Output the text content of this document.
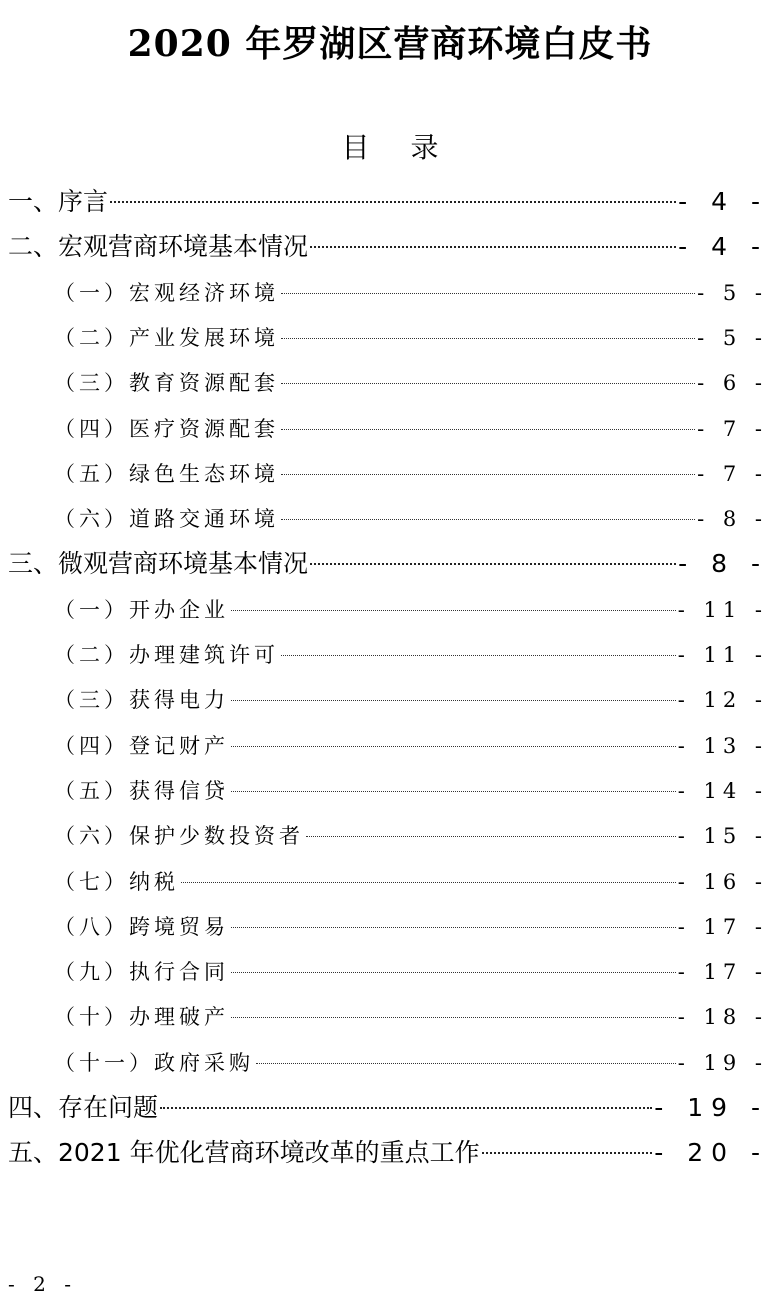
2020 年罗湖区营商环境白皮书
目 录
一、序言	- 4 -
二、宏观营商环境基本情况	- 4 -
（一）宏观经济环境	- 5 -
（二）产业发展环境	- 5 -
（三）教育资源配套	- 6 -
（四）医疗资源配套	- 7 -
（五）绿色生态环境	- 7 -
（六）道路交通环境	- 8 -
三、微观营商环境基本情况	- 8 -
（一）开办企业	- 11 -
（二）办理建筑许可	- 11 -
（三）获得电力	- 12 -
（四）登记财产	- 13 -
（五）获得信贷	- 14 -
（六）保护少数投资者	- 15 -
（七）纳税	- 16 -
（八）跨境贸易	- 17 -
（九）执行合同	- 17 -
（十）办理破产	- 18 -
（十一）政府采购	- 19 -
四、存在问题	- 19 -
五、2021 年优化营商环境改革的重点工作	- 20 -
- 2 -
